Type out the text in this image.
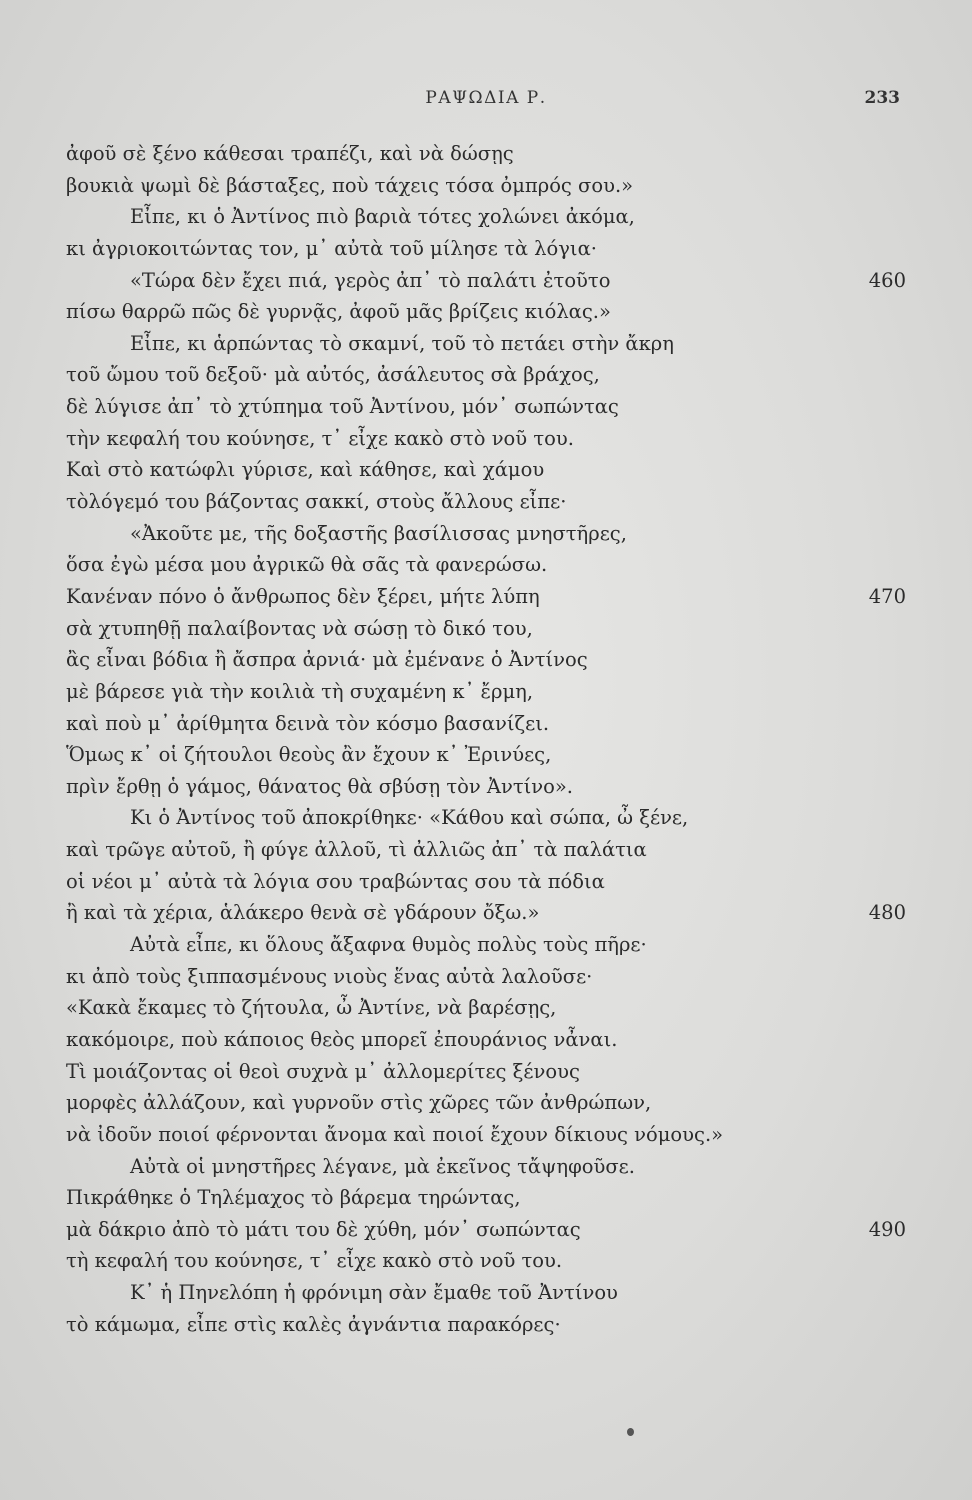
ΡΑΨΩΔΙΑ Ρ.	233
ἀφοῦ σὲ ξένο κάθεσαι τραπέζι, καὶ νὰ δώσῃς
βουκιὰ ψωμὶ δὲ βάσταξες, ποὺ τάχεις τόσα ὀμπρός σου.»
Εἶπε, κι ὁ Ἀντίνος πιὸ βαριὰ τότες χολώνει ἀκόμα,
κι ἀγριοκοιτώντας τον, μ᾽ αὐτὰ τοῦ μίλησε τὰ λόγια·
«Τώρα δὲν ἔχει πιά, γερὸς ἀπ᾽ τὸ παλάτι ἐτοῦτο	460
πίσω θαρρῶ πῶς δὲ γυρνᾷς, ἀφοῦ μᾶς βρίζεις κιόλας.»
Εἶπε, κι ἁρπώντας τὸ σκαμνί, τοῦ τὸ πετάει στὴν ἄκρη
τοῦ ὤμου τοῦ δεξοῦ· μὰ αὐτός, ἀσάλευτος σὰ βράχος,
δὲ λύγισε ἀπ᾽ τὸ χτύπημα τοῦ Ἀντίνου, μόν᾽ σωπώντας
τὴν κεφαλή του κούνησε, τ᾽ εἶχε κακὸ στὸ νοῦ του.
Καὶ στὸ κατώφλι γύρισε, καὶ κάθησε, καὶ χάμου
τὸλόγεμό του βάζοντας σακκί, στοὺς ἄλλους εἶπε·
«Ἀκοῦτε με, τῆς δοξαστῆς βασίλισσας μνηστῆρες,
ὅσα ἐγὼ μέσα μου ἀγρικῶ θὰ σᾶς τὰ φανερώσω.
Κανέναν πόνο ὁ ἄνθρωπος δὲν ξέρει, μήτε λύπη	470
σὰ χτυπηθῇ παλαίβοντας νὰ σώσῃ τὸ δικό του,
ἂς εἶναι βόδια ἢ ἄσπρα ἀρνιά· μὰ ἐμένανε ὁ Ἀντίνος
μὲ βάρεσε γιὰ τὴν κοιλιὰ τὴ συχαμένη κ᾽ ἔρμη,
καὶ ποὺ μ᾽ ἀρίθμητα δεινὰ τὸν κόσμο βασανίζει.
Ὅμως κ᾽ οἱ ζήτουλοι θεοὺς ἂν ἔχουν κ᾽ Ἐρινύες,
πρὶν ἔρθῃ ὁ γάμος, θάνατος θὰ σβύσῃ τὸν Ἀντίνο».
Κι ὁ Ἀντίνος τοῦ ἀποκρίθηκε· «Κάθου καὶ σώπα, ὦ ξένε,
καὶ τρῶγε αὐτοῦ, ἢ φύγε ἀλλοῦ, τὶ ἀλλιῶς ἀπ᾽ τὰ παλάτια
οἱ νέοι μ᾽ αὐτὰ τὰ λόγια σου τραβώντας σου τὰ πόδια
ἢ καὶ τὰ χέρια, ἁλάκερο θενὰ σὲ γδάρουν ὄξω.»	480
Αὐτὰ εἶπε, κι ὅλους ἄξαφνα θυμὸς πολὺς τοὺς πῆρε·
κι ἀπὸ τοὺς ξιππασμένους νιοὺς ἕνας αὐτὰ λαλοῦσε·
«Κακὰ ἔκαμες τὸ ζήτουλα, ὦ Ἀντίνε, νὰ βαρέσῃς,
κακόμοιρε, ποὺ κάποιος θεὸς μπορεῖ ἐπουράνιος νἆναι.
Τὶ μοιάζοντας οἱ θεοὶ συχνὰ μ᾽ ἀλλομερίτες ξένους
μορφὲς ἀλλάζουν, καὶ γυρνοῦν στὶς χῶρες τῶν ἀνθρώπων,
νὰ ἰδοῦν ποιοί φέρνονται ἄνομα καὶ ποιοί ἔχουν δίκιους νόμους.»
Αὐτὰ οἱ μνηστῆρες λέγανε, μὰ ἐκεῖνος τἄψηφοῦσε.
Πικράθηκε ὁ Τηλέμαχος τὸ βάρεμα τηρώντας,
μὰ δάκριο ἀπὸ τὸ μάτι του δὲ χύθη, μόν᾽ σωπώντας	490
τὴ κεφαλή του κούνησε, τ᾽ εἶχε κακὸ στὸ νοῦ του.
Κ᾽ ἡ Πηνελόπη ἡ φρόνιμη σὰν ἔμαθε τοῦ Ἀντίνου
τὸ κάμωμα, εἶπε στὶς καλὲς ἀγνάντια παρακόρες·
